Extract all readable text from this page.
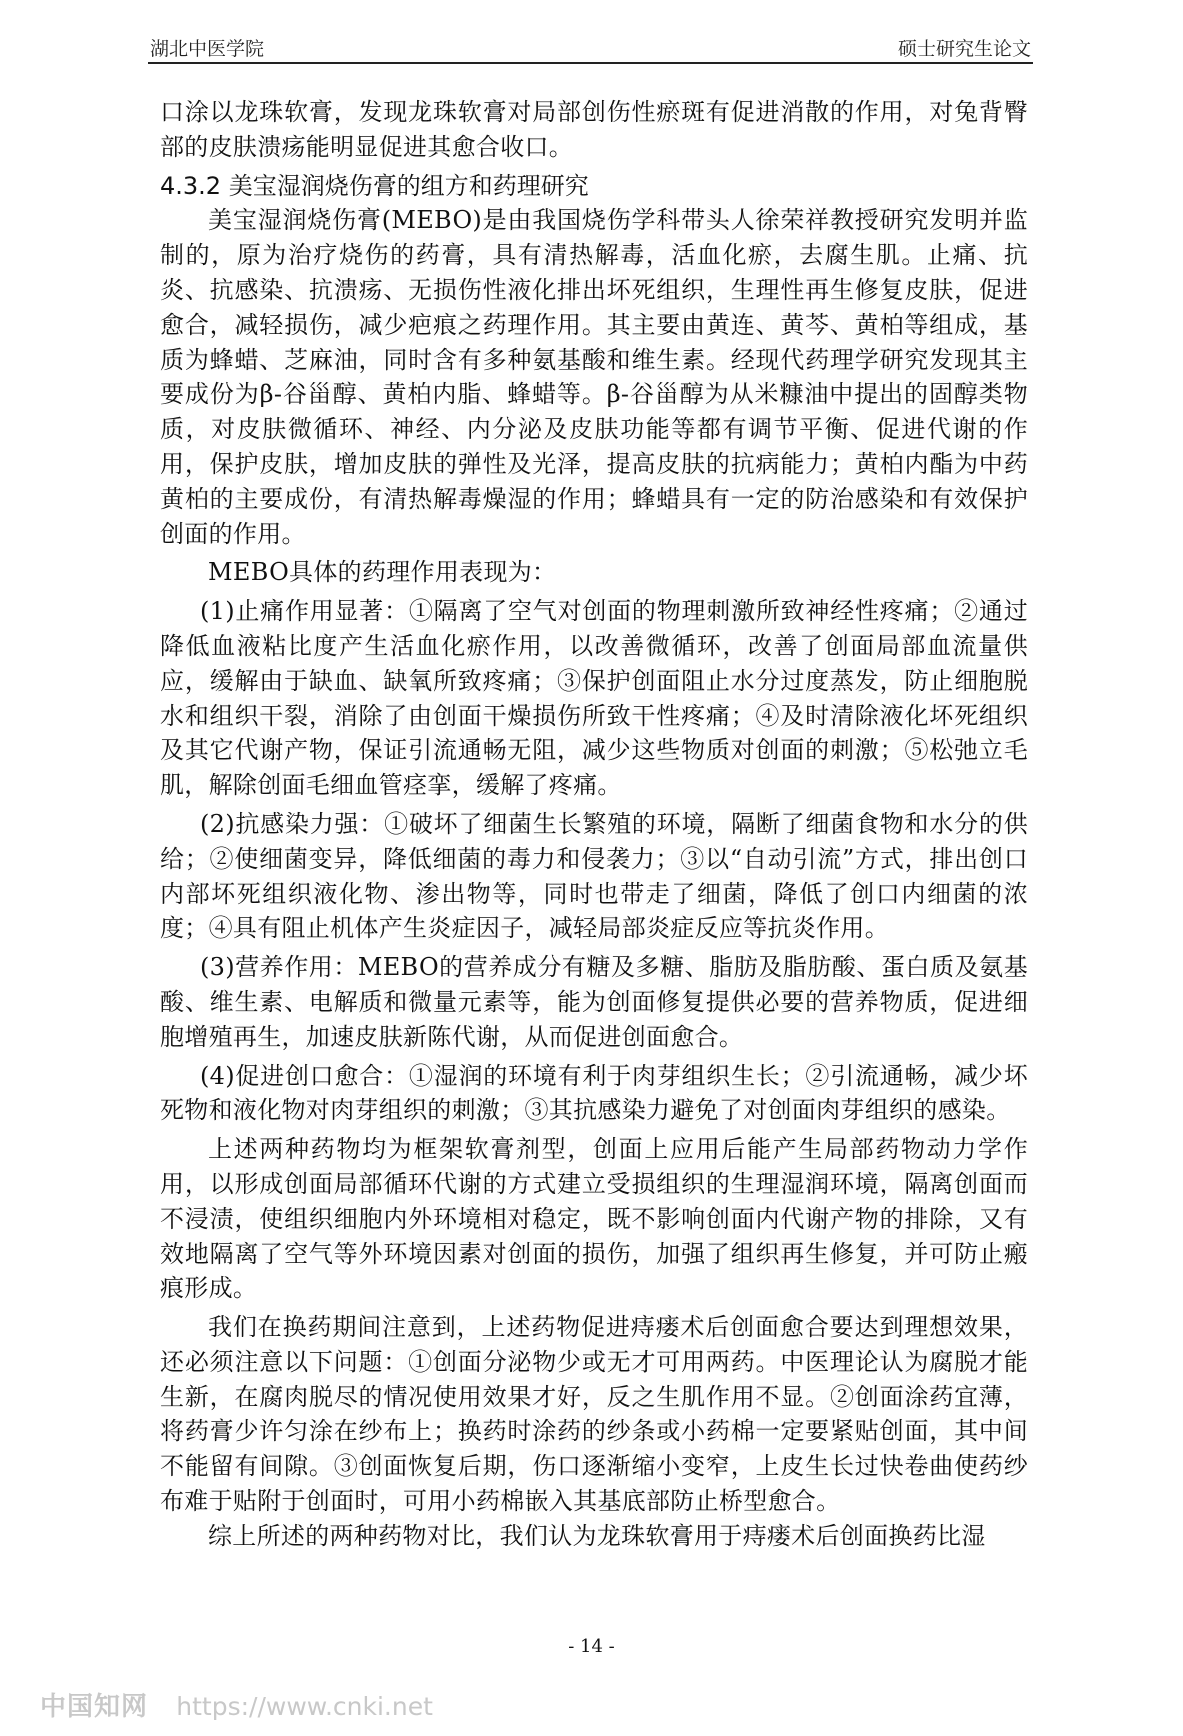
湖北中医学院	硕士研究生论文

口涂以龙珠软膏，发现龙珠软膏对局部创伤性瘀斑有促进消散的作用，对兔背臀部的皮肤溃疡能明显促进其愈合收口。

4.3.2 美宝湿润烧伤膏的组方和药理研究

美宝湿润烧伤膏(MEBO)是由我国烧伤学科带头人徐荣祥教授研究发明并监制的，原为治疗烧伤的药膏，具有清热解毒，活血化瘀，去腐生肌。止痛、抗炎、抗感染、抗溃疡、无损伤性液化排出坏死组织，生理性再生修复皮肤，促进愈合，减轻损伤，减少疤痕之药理作用。其主要由黄连、黄芩、黄柏等组成，基质为蜂蜡、芝麻油，同时含有多种氨基酸和维生素。经现代药理学研究发现其主要成份为β-谷甾醇、黄柏内脂、蜂蜡等。β-谷甾醇为从米糠油中提出的固醇类物质，对皮肤微循环、神经、内分泌及皮肤功能等都有调节平衡、促进代谢的作用，保护皮肤，增加皮肤的弹性及光泽，提高皮肤的抗病能力；黄柏内酯为中药黄柏的主要成份，有清热解毒燥湿的作用；蜂蜡具有一定的防治感染和有效保护创面的作用。

MEBO具体的药理作用表现为：

(1)止痛作用显著：①隔离了空气对创面的物理刺激所致神经性疼痛；②通过降低血液粘比度产生活血化瘀作用，以改善微循环，改善了创面局部血流量供应，缓解由于缺血、缺氧所致疼痛；③保护创面阻止水分过度蒸发，防止细胞脱水和组织干裂，消除了由创面干燥损伤所致干性疼痛；④及时清除液化坏死组织及其它代谢产物，保证引流通畅无阻，减少这些物质对创面的刺激；⑤松弛立毛肌，解除创面毛细血管痉挛，缓解了疼痛。

(2)抗感染力强：①破坏了细菌生长繁殖的环境，隔断了细菌食物和水分的供给；②使细菌变异，降低细菌的毒力和侵袭力；③以“自动引流”方式，排出创口内部坏死组织液化物、渗出物等，同时也带走了细菌，降低了创口内细菌的浓度；④具有阻止机体产生炎症因子，减轻局部炎症反应等抗炎作用。

(3)营养作用：MEBO的营养成分有糖及多糖、脂肪及脂肪酸、蛋白质及氨基酸、维生素、电解质和微量元素等，能为创面修复提供必要的营养物质，促进细胞增殖再生，加速皮肤新陈代谢，从而促进创面愈合。

(4)促进创口愈合：①湿润的环境有利于肉芽组织生长；②引流通畅，减少坏死物和液化物对肉芽组织的刺激；③其抗感染力避免了对创面肉芽组织的感染。

上述两种药物均为框架软膏剂型，创面上应用后能产生局部药物动力学作用，以形成创面局部循环代谢的方式建立受损组织的生理湿润环境，隔离创面而不浸渍，使组织细胞内外环境相对稳定，既不影响创面内代谢产物的排除，又有效地隔离了空气等外环境因素对创面的损伤，加强了组织再生修复，并可防止瘢痕形成。

我们在换药期间注意到，上述药物促进痔瘘术后创面愈合要达到理想效果，还必须注意以下问题：①创面分泌物少或无才可用两药。中医理论认为腐脱才能生新，在腐肉脱尽的情况使用效果才好，反之生肌作用不显。②创面涂药宜薄，将药膏少许匀涂在纱布上；换药时涂药的纱条或小药棉一定要紧贴创面，其中间不能留有间隙。③创面恢复后期，伤口逐渐缩小变窄，上皮生长过快卷曲使药纱布难于贴附于创面时，可用小药棉嵌入其基底部防止桥型愈合。

综上所述的两种药物对比，我们认为龙珠软膏用于痔瘘术后创面换药比湿

- 14 -
中国知网 https://www.cnki.net
